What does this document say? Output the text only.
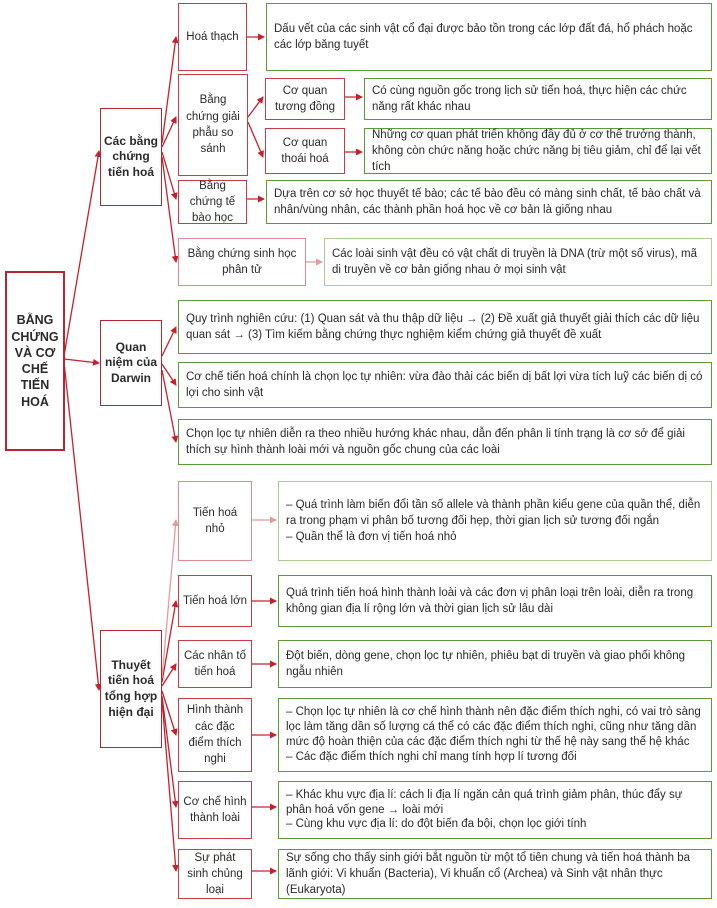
BẰNG CHỨNG VÀ CƠ CHẾ TIẾN HOÁ
Các bằng chứng tiến hoá
Hoá thạch

Dấu vết của các sinh vật cổ đại được bảo tồn trong các lớp đất đá, hổ phách hoặc các lớp băng tuyết

Bằng chứng giải phẫu so sánh
Cơ quan tương đồng

Có cùng nguồn gốc trong lịch sử tiến hoá, thực hiện các chức năng rất khác nhau

Cơ quan thoái hoá

Những cơ quan phát triển không đầy đủ ở cơ thể trưởng thành, không còn chức năng hoặc chức năng bị tiêu giảm, chỉ để lại vết tích

Bằng chứng tế bào học

Dựa trên cơ sở học thuyết tế bào; các tế bào đều có màng sinh chất, tế bào chất và nhân/vùng nhân, các thành phần hoá học về cơ bản là giống nhau

Bằng chứng sinh học phân tử

Các loài sinh vật đều có vật chất di truyền là DNA (trừ một số virus), mã di truyền về cơ bản giống nhau ở mọi sinh vật

Quan niệm của Darwin

Quy trình nghiên cứu: (1) Quan sát và thu thập dữ liệu → (2) Đề xuất giả thuyết giải thích các dữ liệu quan sát → (3) Tìm kiếm bằng chứng thực nghiệm kiểm chứng giả thuyết đề xuất

Cơ chế tiến hoá chính là chọn lọc tự nhiên: vừa đào thải các biến dị bất lợi vừa tích luỹ các biến dị có lợi cho sinh vật

Chọn lọc tự nhiên diễn ra theo nhiều hướng khác nhau, dẫn đến phân li tính trạng là cơ sở để giải thích sự hình thành loài mới và nguồn gốc chung của các loài

Thuyết tiến hoá tổng hợp hiện đại
Tiến hoá nhỏ

– Quá trình làm biến đổi tần số allele và thành phần kiểu gene của quần thể, diễn ra trong phạm vi phân bố tương đối hẹp, thời gian lịch sử tương đối ngắn

– Quần thể là đơn vị tiến hoá nhỏ

Tiến hoá lớn

Quá trình tiến hoá hình thành loài và các đơn vị phân loại trên loài, diễn ra trong không gian địa lí rộng lớn và thời gian lịch sử lâu dài

Các nhân tố tiến hoá

Đột biến, dòng gene, chọn lọc tự nhiên, phiêu bạt di truyền và giao phối không ngẫu nhiên

Hình thành các đặc điểm thích nghi

– Chọn lọc tự nhiên là cơ chế hình thành nên đặc điểm thích nghi, có vai trò sàng lọc làm tăng dần số lượng cá thể có các đặc điểm thích nghi, cũng như tăng dần mức độ hoàn thiện của các đặc điểm thích nghi từ thế hệ này sang thế hệ khác

– Các đặc điểm thích nghi chỉ mang tính hợp lí tương đối

Cơ chế hình thành loài

– Khác khu vực địa lí: cách li địa lí ngăn cản quá trình giảm phân, thúc đẩy sự phân hoá vốn gene → loài mới

– Cùng khu vực địa lí: do đột biến đa bội, chọn lọc giới tính

Sự phát sinh chủng loại

Sự sống cho thấy sinh giới bắt nguồn từ một tổ tiên chung và tiến hoá thành ba lãnh giới: Vi khuẩn (Bacteria), Vi khuẩn cổ (Archea) và Sinh vật nhân thực (Eukaryota)
